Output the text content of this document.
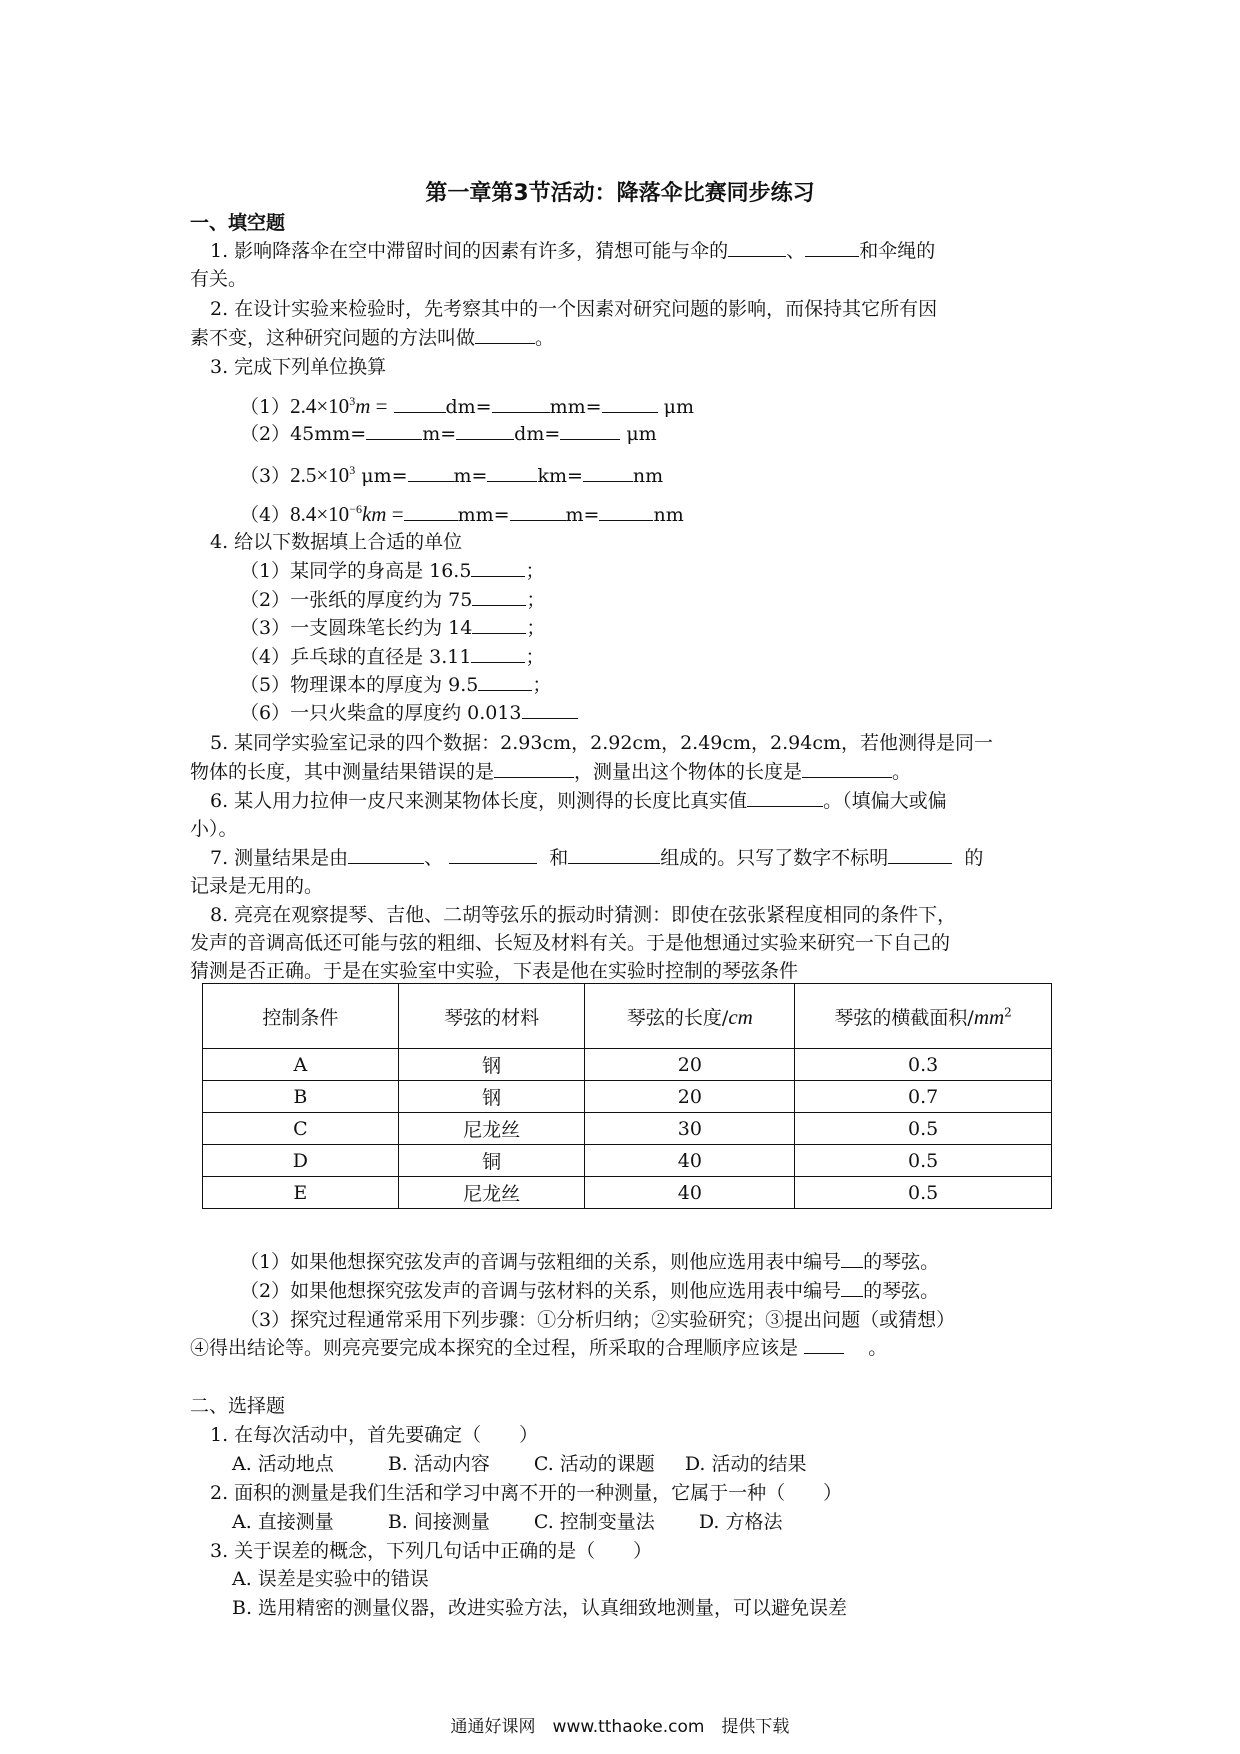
第一章第3节活动：降落伞比赛同步练习
一、填空题
1. 影响降落伞在空中滞留时间的因素有许多，猜想可能与伞的	、	和伞绳的
有关。
2. 在设计实验来检验时，先考察其中的一个因素对研究问题的影响，而保持其它所有因
素不变，这种研究问题的方法叫做	。
3. 完成下列单位换算
$(1)2.4\times 10^3m$ =	dm=	mm=	μm
（2）45mm=	m=	dm=	μm
$(3)2.5\times 10^3$ μm= m=	km=	nm
$(4)8.4\times 10^{-6}km$ =	mm=	m=	nm
4. 给以下数据填上合适的单位
（1）某同学的身高是 16.5	；
（2）一张纸的厚度约为 75	；
（3）一支圆珠笔长约为 14	；
（4）乒乓球的直径是 3.11	；
（5）物理课本的厚度为 9.5	；
（6）一只火柴盒的厚度约 0.013
5. 某同学实验室记录的四个数据：2.93cm，2.92cm，2.49cm，2.94cm，若他测得是同一
物体的长度，其中测量结果错误的是	，测量出这个物体的长度是	。
6. 某人用力拉伸一皮尺来测某物体长度，则测得的长度比真实值	。（填偏大或偏
小）。
7. 测量结果是由	、	和	组成的。只写了数字不标明	的
记录是无用的。
8. 亮亮在观察提琴、吉他、二胡等弦乐的振动时猜测：即使在弦张紧程度相同的条件下，
发声的音调高低还可能与弦的粗细、长短及材料有关。于是他想通过实验来研究一下自己的
猜测是否正确。于是在实验室中实验，下表是他在实验时控制的琴弦条件
控制条件	琴弦的材料	琴弦的长度/cm	琴弦的横截面积$/mm^2$
A	钢	20	0.3
B	钢	20	0.7
C	尼龙丝	30	0.5
D	铜	40	0.5
E	尼龙丝	40	0.5
（1）如果他想探究弦发声的音调与弦粗细的关系，则他应选用表中编号 的琴弦。
（2）如果他想探究弦发声的音调与弦材料的关系，则他应选用表中编号 的琴弦。
（3）探究过程通常采用下列步骤：①分析归纳；②实验研究；③提出问题（或猜想）
④得出结论等。则亮亮要完成本探究的全过程，所采取的合理顺序应该是	。
二、选择题
1. 在每次活动中，首先要确定（　　）
A. 活动地点	B. 活动内容 C. 活动的课题 D. 活动的结果
2. 面积的测量是我们生活和学习中离不开的一种测量，它属于一种（　　）
A. 直接测量	B. 间接测量 C. 控制变量法 D. 方格法
3. 关于误差的概念，下列几句话中正确的是（　　）
A. 误差是实验中的错误
B. 选用精密的测量仪器，改进实验方法，认真细致地测量，可以避免误差
通通好课网　www.tthaoke.com　提供下载
